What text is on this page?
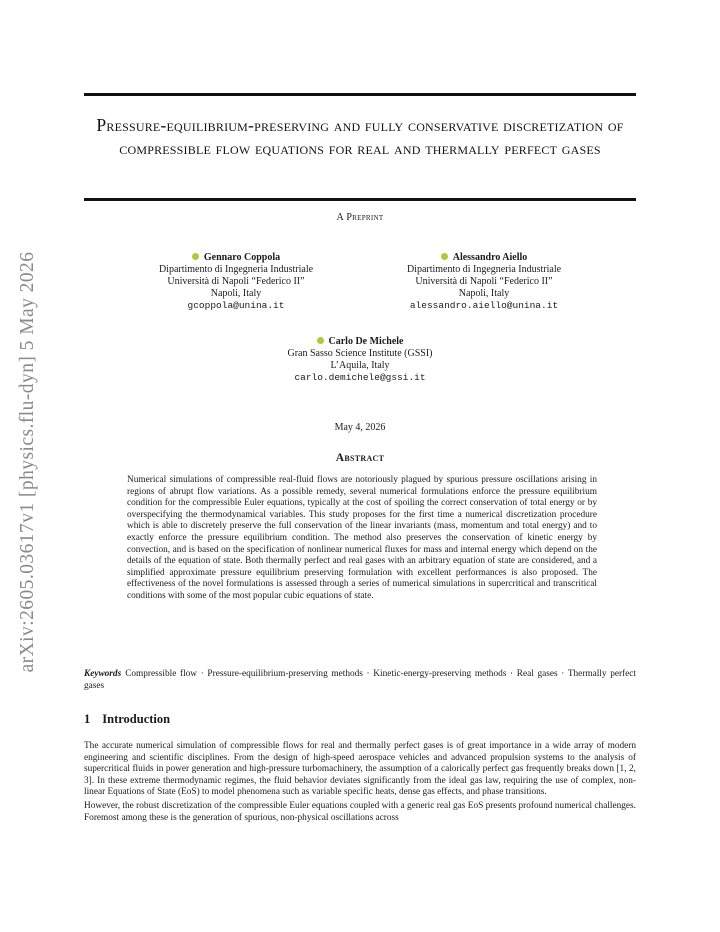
arXiv:2605.03617v1 [physics.flu-dyn] 5 May 2026
Pressure-equilibrium-preserving and fully conservative discretization of compressible flow equations for real and thermally perfect gases
A Preprint
Gennaro Coppola
Dipartimento di Ingegneria Industriale
Università di Napoli “Federico II”
Napoli, Italy
gcoppola@unina.it
Alessandro Aiello
Dipartimento di Ingegneria Industriale
Università di Napoli “Federico II”
Napoli, Italy
alessandro.aiello@unina.it
Carlo De Michele
Gran Sasso Science Institute (GSSI)
L’Aquila, Italy
carlo.demichele@gssi.it
May 4, 2026
Abstract

Numerical simulations of compressible real-fluid flows are notoriously plagued by spurious pressure oscillations arising in regions of abrupt flow variations. As a possible remedy, several numerical formulations enforce the pressure equilibrium condition for the compressible Euler equations, typically at the cost of spoiling the correct conservation of total energy or by overspecifying the thermodynamical variables. This study proposes for the first time a numerical discretization procedure which is able to discretely preserve the full conservation of the linear invariants (mass, momentum and total energy) and to exactly enforce the pressure equilibrium condition. The method also preserves the conservation of kinetic energy by convection, and is based on the specification of nonlinear numerical fluxes for mass and internal energy which depend on the details of the equation of state. Both thermally perfect and real gases with an arbitrary equation of state are considered, and a simplified approximate pressure equilibrium preserving formulation with excellent performances is also proposed. The effectiveness of the novel formulations is assessed through a series of numerical simulations in supercritical and transcritical conditions with some of the most popular cubic equations of state.

Keywords Compressible flow · Pressure-equilibrium-preserving methods · Kinetic-energy-preserving methods · Real gases · Thermally perfect gases

1 Introduction

The accurate numerical simulation of compressible flows for real and thermally perfect gases is of great importance in a wide array of modern engineering and scientific disciplines. From the design of high-speed aerospace vehicles and advanced propulsion systems to the analysis of supercritical fluids in power generation and high-pressure turbomachinery, the assumption of a calorically perfect gas frequently breaks down [1, 2, 3]. In these extreme thermodynamic regimes, the fluid behavior deviates significantly from the ideal gas law, requiring the use of complex, non-linear Equations of State (EoS) to model phenomena such as variable specific heats, dense gas effects, and phase transitions.

However, the robust discretization of the compressible Euler equations coupled with a generic real gas EoS presents profound numerical challenges. Foremost among these is the generation of spurious, non-physical oscillations across
